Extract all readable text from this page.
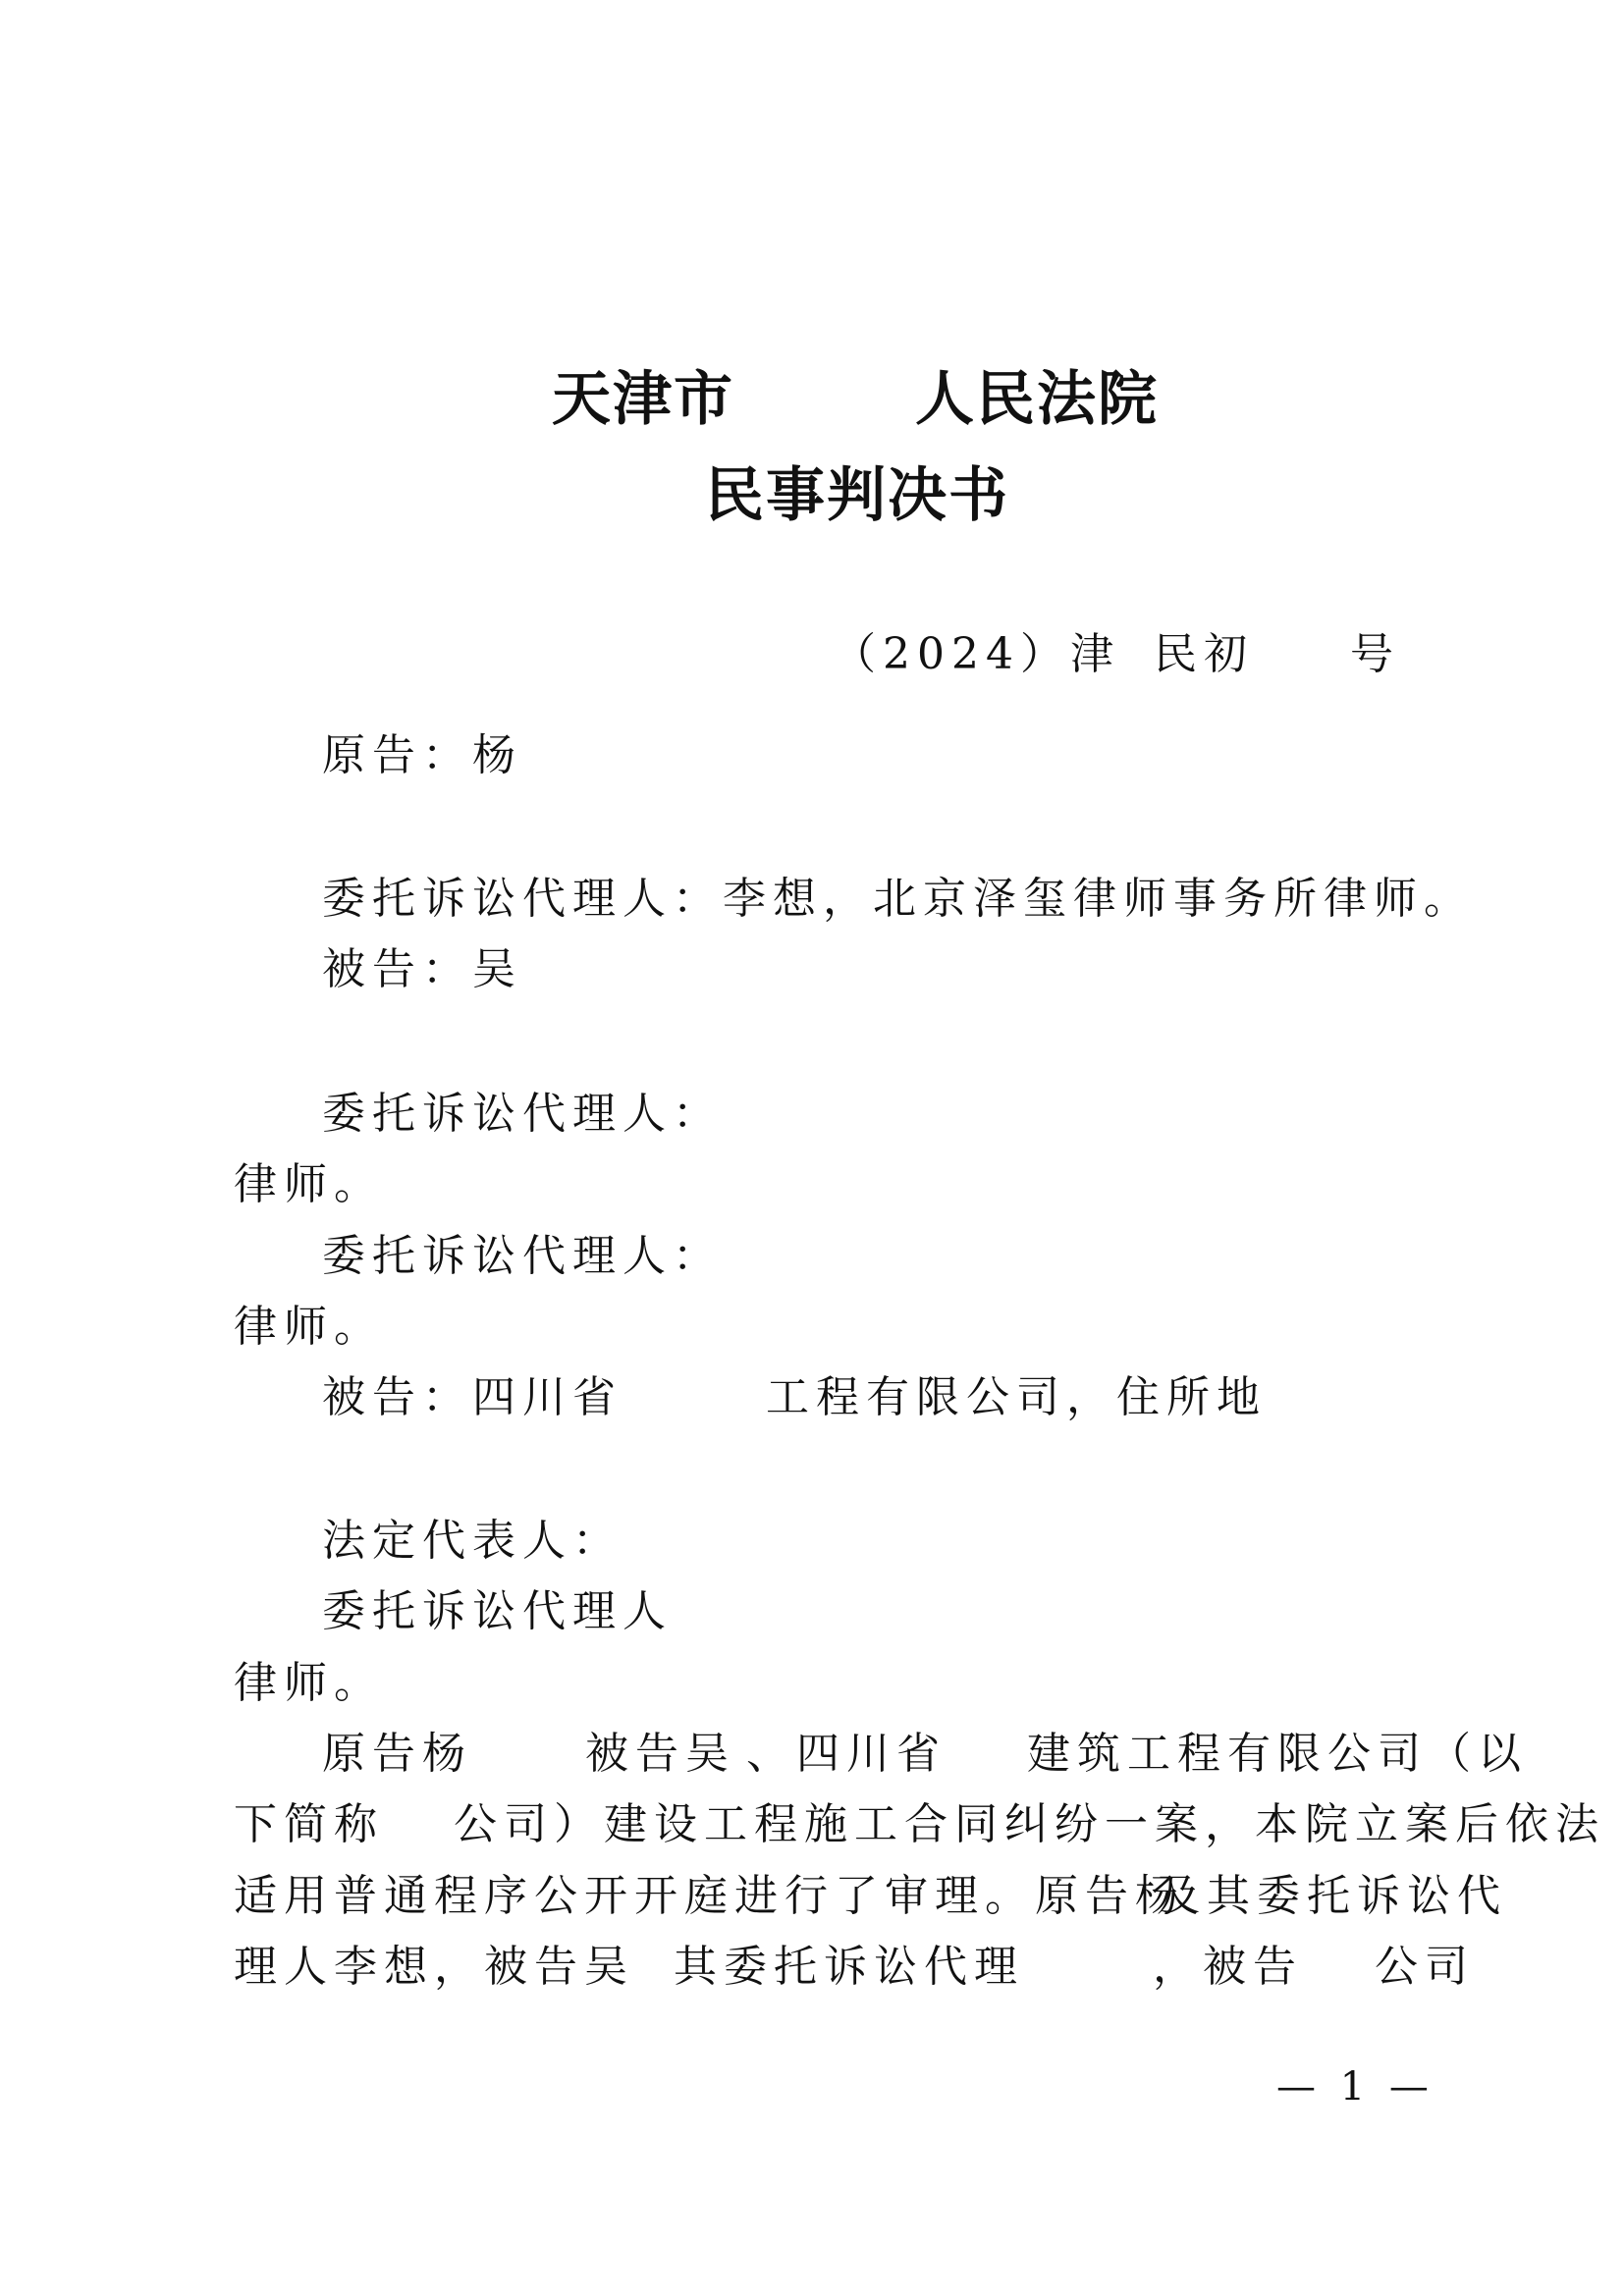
天津市	人民法院
民事判决书
（2024）津 民初 号
原告：杨
委托诉讼代理人：李想，北京泽玺律师事务所律师。
被告：吴
委托诉讼代理人：
律师。
委托诉讼代理人：
律师。
被告：四川省	工程有限公司，住所地
法定代表人：
委托诉讼代理人
律师。
原告杨	被告吴 、四川省 建筑工程有限公司（以
下简称 公司）建设工程施工合同纠纷一案，本院立案后依法
适用普通程序公开开庭进行了审理。原告杨
及其委托诉讼代
理人李想，被告吴 其委托诉讼代理	，被告 公司
— 1 —
